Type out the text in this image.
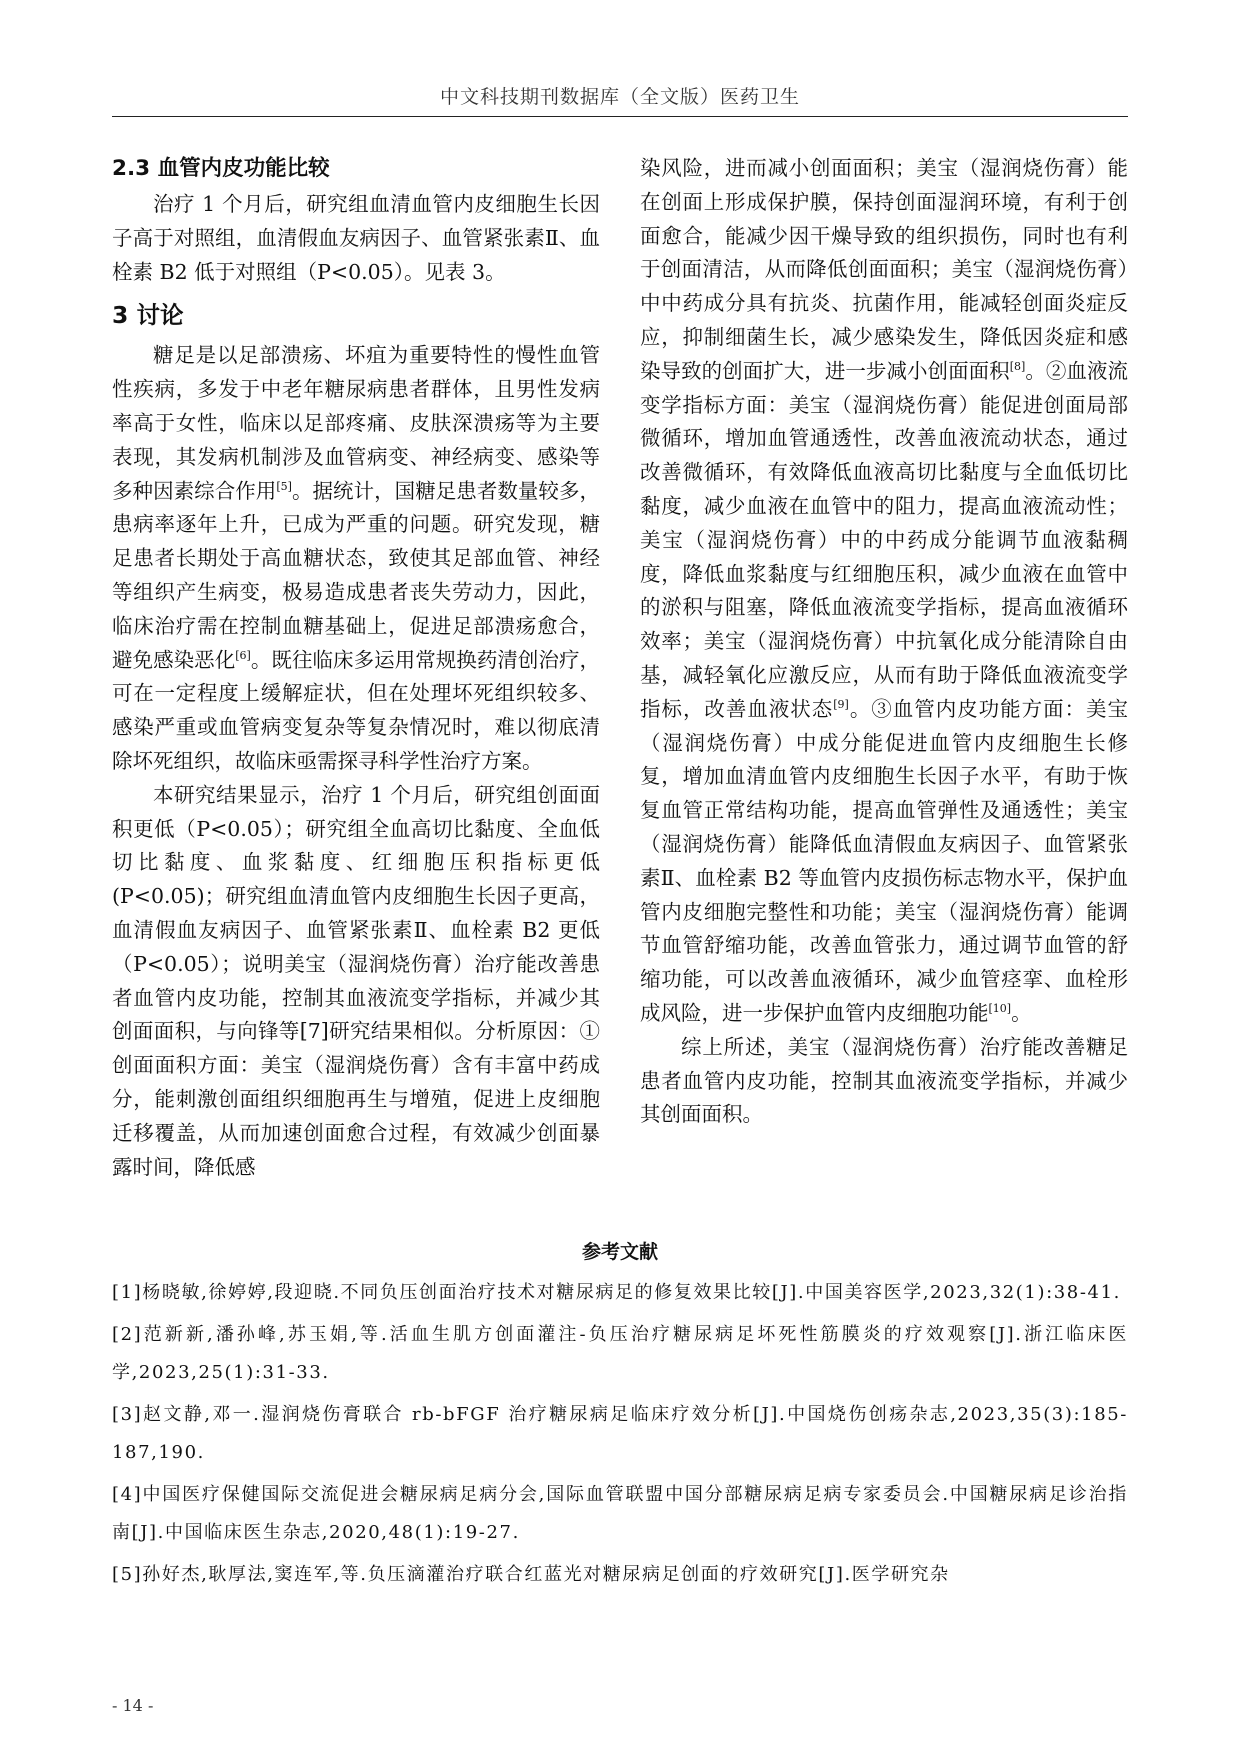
中文科技期刊数据库（全文版）医药卫生
2.3 血管内皮功能比较

治疗 1 个月后，研究组血清血管内皮细胞生长因子高于对照组，血清假血友病因子、血管紧张素Ⅱ、血栓素 B2 低于对照组（P<0.05）。见表 3。

3 讨论

糖足是以足部溃疡、坏疽为重要特性的慢性血管性疾病，多发于中老年糖尿病患者群体，且男性发病率高于女性，临床以足部疼痛、皮肤深溃疡等为主要表现，其发病机制涉及血管病变、神经病变、感染等多种因素综合作用[5]。据统计，国糖足患者数量较多，患病率逐年上升，已成为严重的问题。研究发现，糖足患者长期处于高血糖状态，致使其足部血管、神经等组织产生病变，极易造成患者丧失劳动力，因此，临床治疗需在控制血糖基础上，促进足部溃疡愈合，避免感染恶化[6]。既往临床多运用常规换药清创治疗，可在一定程度上缓解症状，但在处理坏死组织较多、感染严重或血管病变复杂等复杂情况时，难以彻底清除坏死组织，故临床亟需探寻科学性治疗方案。

本研究结果显示，治疗 1 个月后，研究组创面面积更低（P<0.05）；研究组全血高切比黏度、全血低切比黏度、血浆黏度、红细胞压积指标更低(P<0.05)；研究组血清血管内皮细胞生长因子更高，血清假血友病因子、血管紧张素Ⅱ、血栓素 B2 更低（P<0.05）；说明美宝（湿润烧伤膏）治疗能改善患者血管内皮功能，控制其血液流变学指标，并减少其创面面积，与向锋等[7]研究结果相似。分析原因：①创面面积方面：美宝（湿润烧伤膏）含有丰富中药成分，能刺激创面组织细胞再生与增殖，促进上皮细胞迁移覆盖，从而加速创面愈合过程，有效减少创面暴露时间，降低感

染风险，进而减小创面面积；美宝（湿润烧伤膏）能在创面上形成保护膜，保持创面湿润环境，有利于创面愈合，能减少因干燥导致的组织损伤，同时也有利于创面清洁，从而降低创面面积；美宝（湿润烧伤膏）中中药成分具有抗炎、抗菌作用，能减轻创面炎症反应，抑制细菌生长，减少感染发生，降低因炎症和感染导致的创面扩大，进一步减小创面面积[8]。②血液流变学指标方面：美宝（湿润烧伤膏）能促进创面局部微循环，增加血管通透性，改善血液流动状态，通过改善微循环，有效降低血液高切比黏度与全血低切比黏度，减少血液在血管中的阻力，提高血液流动性；美宝（湿润烧伤膏）中的中药成分能调节血液黏稠度，降低血浆黏度与红细胞压积，减少血液在血管中的淤积与阻塞，降低血液流变学指标，提高血液循环效率；美宝（湿润烧伤膏）中抗氧化成分能清除自由基，减轻氧化应激反应，从而有助于降低血液流变学指标，改善血液状态[9]。③血管内皮功能方面：美宝（湿润烧伤膏）中成分能促进血管内皮细胞生长修复，增加血清血管内皮细胞生长因子水平，有助于恢复血管正常结构功能，提高血管弹性及通透性；美宝（湿润烧伤膏）能降低血清假血友病因子、血管紧张素Ⅱ、血栓素 B2 等血管内皮损伤标志物水平，保护血管内皮细胞完整性和功能；美宝（湿润烧伤膏）能调节血管舒缩功能，改善血管张力，通过调节血管的舒缩功能，可以改善血液循环，减少血管痉挛、血栓形成风险，进一步保护血管内皮细胞功能[10]。

综上所述，美宝（湿润烧伤膏）治疗能改善糖足患者血管内皮功能，控制其血液流变学指标，并减少其创面面积。

参考文献
[1]杨晓敏,徐婷婷,段迎晓.不同负压创面治疗技术对糖尿病足的修复效果比较[J].中国美容医学,2023,32(1):38-41.
[2]范新新,潘孙峰,苏玉娟,等.活血生肌方创面灌注-负压治疗糖尿病足坏死性筋膜炎的疗效观察[J].浙江临床医学,2023,25(1):31-33.
[3]赵文静,邓一.湿润烧伤膏联合 rb-bFGF 治疗糖尿病足临床疗效分析[J].中国烧伤创疡杂志,2023,35(3):185-187,190.
[4]中国医疗保健国际交流促进会糖尿病足病分会,国际血管联盟中国分部糖尿病足病专家委员会.中国糖尿病足诊治指南[J].中国临床医生杂志,2020,48(1):19-27.
[5]孙好杰,耿厚法,窦连军,等.负压滴灌治疗联合红蓝光对糖尿病足创面的疗效研究[J].医学研究杂
- 14 -
